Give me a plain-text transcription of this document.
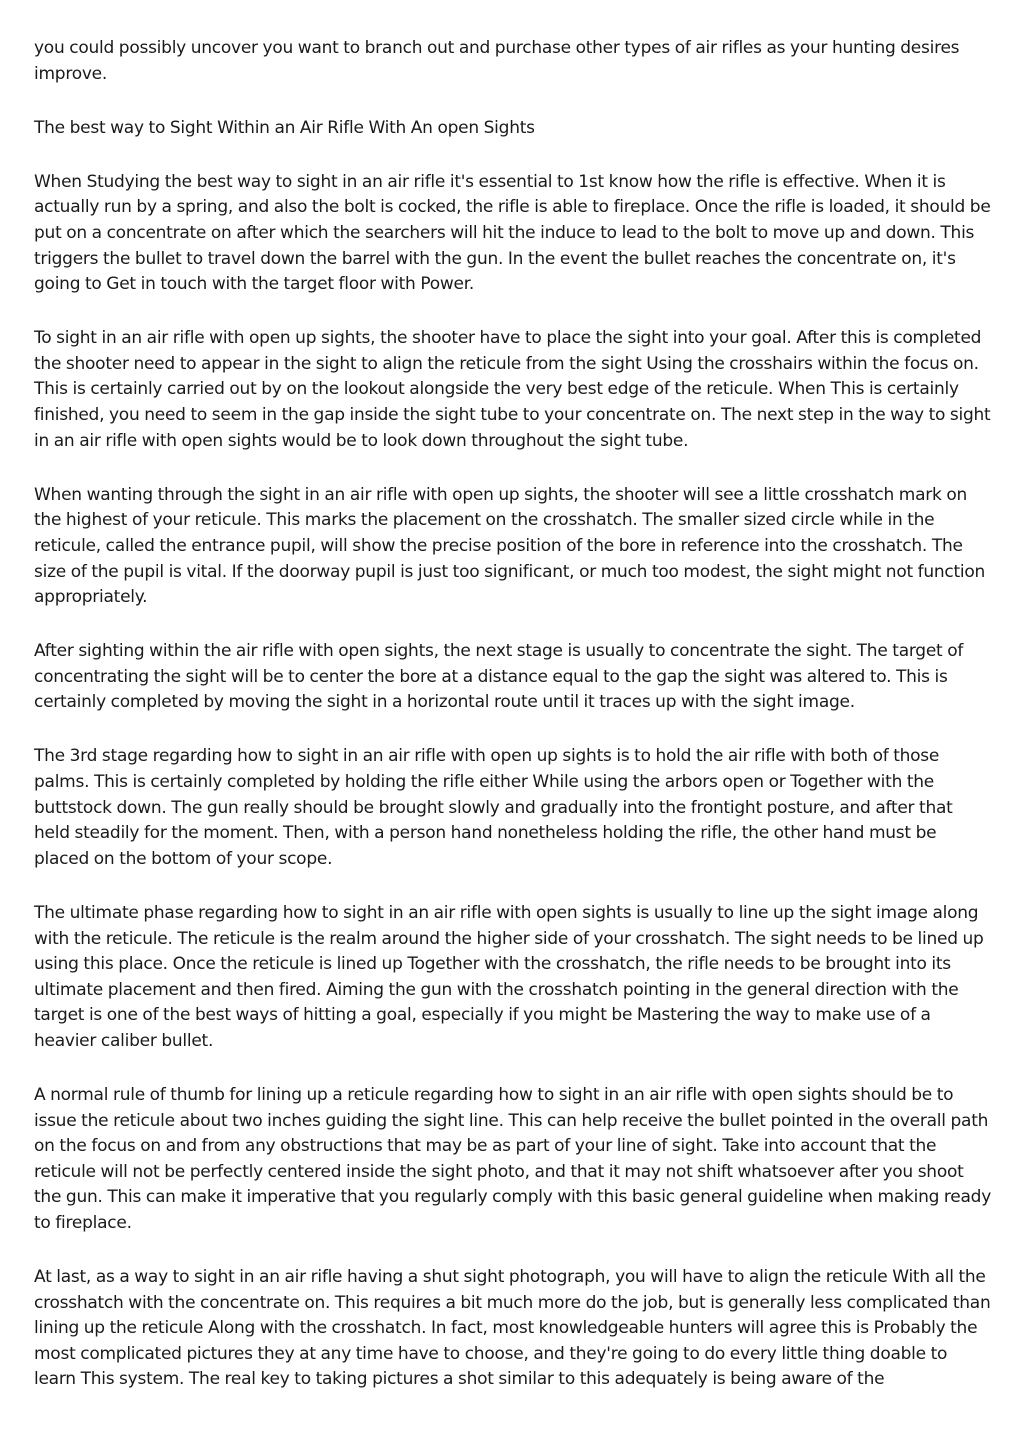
you could possibly uncover you want to branch out and purchase other types of air rifles as your hunting desires improve.

The best way to Sight Within an Air Rifle With An open Sights

When Studying the best way to sight in an air rifle it's essential to 1st know how the rifle is effective. When it is actually run by a spring, and also the bolt is cocked, the rifle is able to fireplace. Once the rifle is loaded, it should be put on a concentrate on after which the searchers will hit the induce to lead to the bolt to move up and down. This triggers the bullet to travel down the barrel with the gun. In the event the bullet reaches the concentrate on, it's going to Get in touch with the target floor with Power.

To sight in an air rifle with open up sights, the shooter have to place the sight into your goal. After this is completed the shooter need to appear in the sight to align the reticule from the sight Using the crosshairs within the focus on. This is certainly carried out by on the lookout alongside the very best edge of the reticule. When This is certainly finished, you need to seem in the gap inside the sight tube to your concentrate on. The next step in the way to sight in an air rifle with open sights would be to look down throughout the sight tube.

When wanting through the sight in an air rifle with open up sights, the shooter will see a little crosshatch mark on the highest of your reticule. This marks the placement on the crosshatch. The smaller sized circle while in the reticule, called the entrance pupil, will show the precise position of the bore in reference into the crosshatch. The size of the pupil is vital. If the doorway pupil is just too significant, or much too modest, the sight might not function appropriately.

After sighting within the air rifle with open sights, the next stage is usually to concentrate the sight. The target of concentrating the sight will be to center the bore at a distance equal to the gap the sight was altered to. This is certainly completed by moving the sight in a horizontal route until it traces up with the sight image.

The 3rd stage regarding how to sight in an air rifle with open up sights is to hold the air rifle with both of those palms. This is certainly completed by holding the rifle either While using the arbors open or Together with the buttstock down. The gun really should be brought slowly and gradually into the frontight posture, and after that held steadily for the moment. Then, with a person hand nonetheless holding the rifle, the other hand must be placed on the bottom of your scope.

The ultimate phase regarding how to sight in an air rifle with open sights is usually to line up the sight image along with the reticule. The reticule is the realm around the higher side of your crosshatch. The sight needs to be lined up using this place. Once the reticule is lined up Together with the crosshatch, the rifle needs to be brought into its ultimate placement and then fired. Aiming the gun with the crosshatch pointing in the general direction with the target is one of the best ways of hitting a goal, especially if you might be Mastering the way to make use of a heavier caliber bullet.

A normal rule of thumb for lining up a reticule regarding how to sight in an air rifle with open sights should be to issue the reticule about two inches guiding the sight line. This can help receive the bullet pointed in the overall path on the focus on and from any obstructions that may be as part of your line of sight. Take into account that the reticule will not be perfectly centered inside the sight photo, and that it may not shift whatsoever after you shoot the gun. This can make it imperative that you regularly comply with this basic general guideline when making ready to fireplace.

At last, as a way to sight in an air rifle having a shut sight photograph, you will have to align the reticule With all the crosshatch with the concentrate on. This requires a bit much more do the job, but is generally less complicated than lining up the reticule Along with the crosshatch. In fact, most knowledgeable hunters will agree this is Probably the most complicated pictures they at any time have to choose, and they're going to do every little thing doable to learn This system. The real key to taking pictures a shot similar to this adequately is being aware of the
